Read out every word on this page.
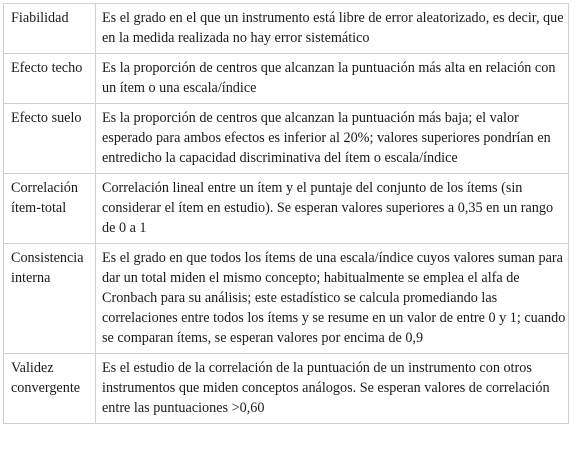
Fiabilidad	Es el grado en el que un instrumento está libre de error aleatorizado, es decir, que en la medida realizada no hay error sistemático
Efecto techo	Es la proporción de centros que alcanzan la puntuación más alta en relación con un ítem o una escala/índice
Efecto suelo	Es la proporción de centros que alcanzan la puntuación más baja; el valor esperado para ambos efectos es inferior al 20%; valores superiores pondrían en entredicho la capacidad discriminativa del ítem o escala/índice
Correlación ítem-total	Correlación lineal entre un ítem y el puntaje del conjunto de los ítems (sin considerar el ítem en estudio). Se esperan valores superiores a 0,35 en un rango de 0 a 1
Consistencia interna	Es el grado en que todos los ítems de una escala/índice cuyos valores suman para dar un total miden el mismo concepto; habitualmente se emplea el alfa de Cronbach para su análisis; este estadístico se calcula promediando las correlaciones entre todos los ítems y se resume en un valor de entre 0 y 1; cuando se comparan ítems, se esperan valores por encima de 0,9
Validez convergente	Es el estudio de la correlación de la puntuación de un instrumento con otros instrumentos que miden conceptos análogos. Se esperan valores de correlación entre las puntuaciones >0,60
